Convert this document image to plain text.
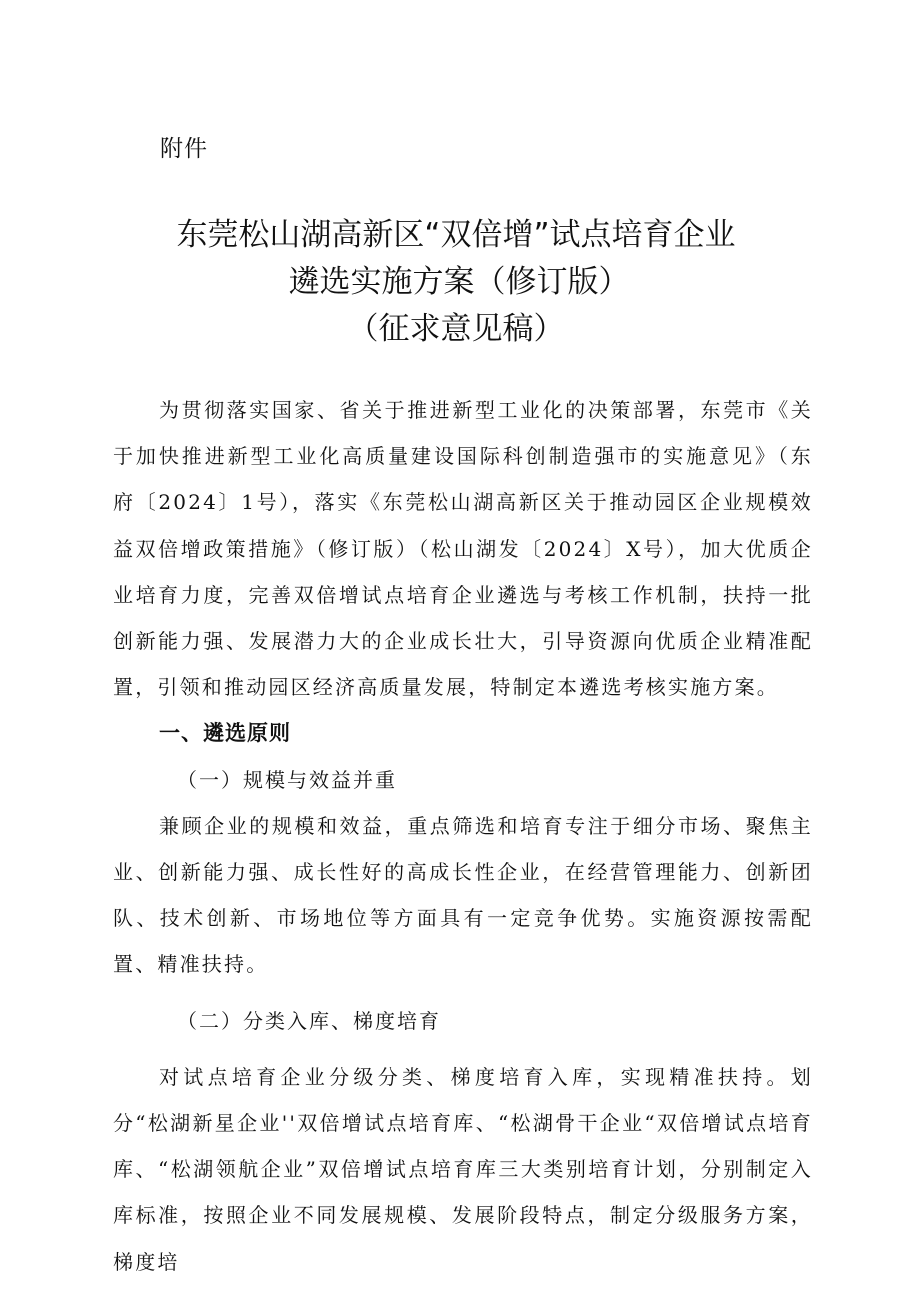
附件
东莞松山湖高新区“双倍增”试点培育企业
遴选实施方案（修订版）
（征求意见稿）

为贯彻落实国家、省关于推进新型工业化的决策部署，东莞市《关于加快推进新型工业化高质量建设国际科创制造强市的实施意见》（东府〔2024〕1号），落实《东莞松山湖高新区关于推动园区企业规模效益双倍增政策措施》（修订版）（松山湖发〔2024〕X号），加大优质企业培育力度，完善双倍增试点培育企业遴选与考核工作机制，扶持一批创新能力强、发展潜力大的企业成长壮大，引导资源向优质企业精准配置，引领和推动园区经济高质量发展，特制定本遴选考核实施方案。

一、遴选原则
（一）规模与效益并重

兼顾企业的规模和效益，重点筛选和培育专注于细分市场、聚焦主业、创新能力强、成长性好的高成长性企业，在经营管理能力、创新团队、技术创新、市场地位等方面具有一定竞争优势。实施资源按需配置、精准扶持。

（二）分类入库、梯度培育

对试点培育企业分级分类、梯度培育入库，实现精准扶持。划分“松湖新星企业''双倍增试点培育库、“松湖骨干企业“双倍增试点培育库、“松湖领航企业”双倍增试点培育库三大类别培育计划，分别制定入库标准，按照企业不同发展规模、发展阶段特点，制定分级服务方案，梯度培
